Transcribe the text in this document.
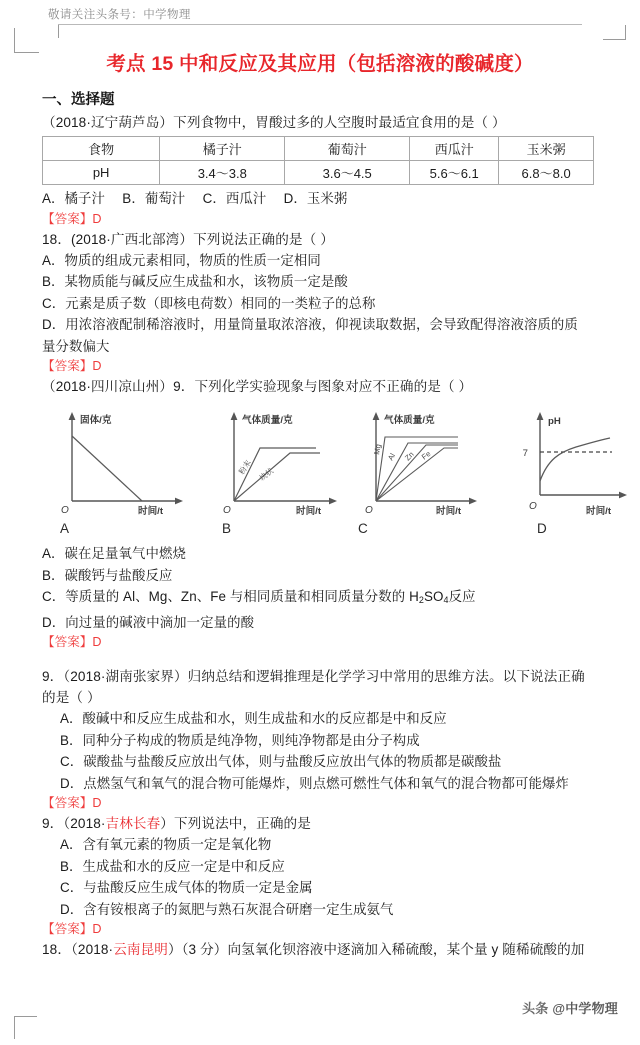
敬请关注头条号：中学物理
考点 15 中和反应及其应用（包括溶液的酸碱度）
一、选择题

（2018·辽宁葫芦岛）下列食物中，胃酸过多的人空腹时最适宜食用的是（ ）

食物	橘子汁	葡萄汁	西瓜汁	玉米粥
pH	3.4～3.8	3.6～4.5	5.6～6.1	6.8～8.0

A．橘子汁　 B．葡萄汁　 C．西瓜汁　 D．玉米粥

【答案】D

18．(2018·广西北部湾）下列说法正确的是（ ）

A．物质的组成元素相同，物质的性质一定相同

B．某物质能与碱反应生成盐和水，该物质一定是酸

C．元素是质子数（即核电荷数）相同的一类粒子的总称

D．用浓溶液配制稀溶液时，用量筒量取浓溶液，仰视读取数据，会导致配得溶液溶质的质

量分数偏大

【答案】D

（2018·四川凉山州）9．下列化学实验现象与图象对应不正确的是（ ）

固体/克
时间/t
O
气体质量/克
时间/t
O
粉末 块状
气体质量/克
时间/t
O
Mg
Al Zn Fe
pH
时间/t
O
7
A	B	C	D

A．碳在足量氧气中燃烧

B．碳酸钙与盐酸反应

C．等质量的 Al、Mg、Zn、Fe 与相同质量和相同质量分数的 $H_2SO_4$反应

D．向过量的碱液中滴加一定量的酸

【答案】D

9．（2018·湖南张家界）归纳总结和逻辑推理是化学学习中常用的思维方法。以下说法正确

的是（ ）

A．酸碱中和反应生成盐和水，则生成盐和水的反应都是中和反应

B．同种分子构成的物质是纯净物，则纯净物都是由分子构成

C．碳酸盐与盐酸反应放出气体，则与盐酸反应放出气体的物质都是碳酸盐

D．点燃氢气和氧气的混合物可能爆炸，则点燃可燃性气体和氧气的混合物都可能爆炸

【答案】D

9．（2018·吉林长春）下列说法中，正确的是

A．含有氧元素的物质一定是氧化物

B．生成盐和水的反应一定是中和反应

C．与盐酸反应生成气体的物质一定是金属

D．含有铵根离子的氮肥与熟石灰混合研磨一定生成氨气

【答案】D

18．（2018·云南昆明）（3 分）向氢氧化钡溶液中逐滴加入稀硫酸，某个量 y 随稀硫酸的加

头条 @中学物理
